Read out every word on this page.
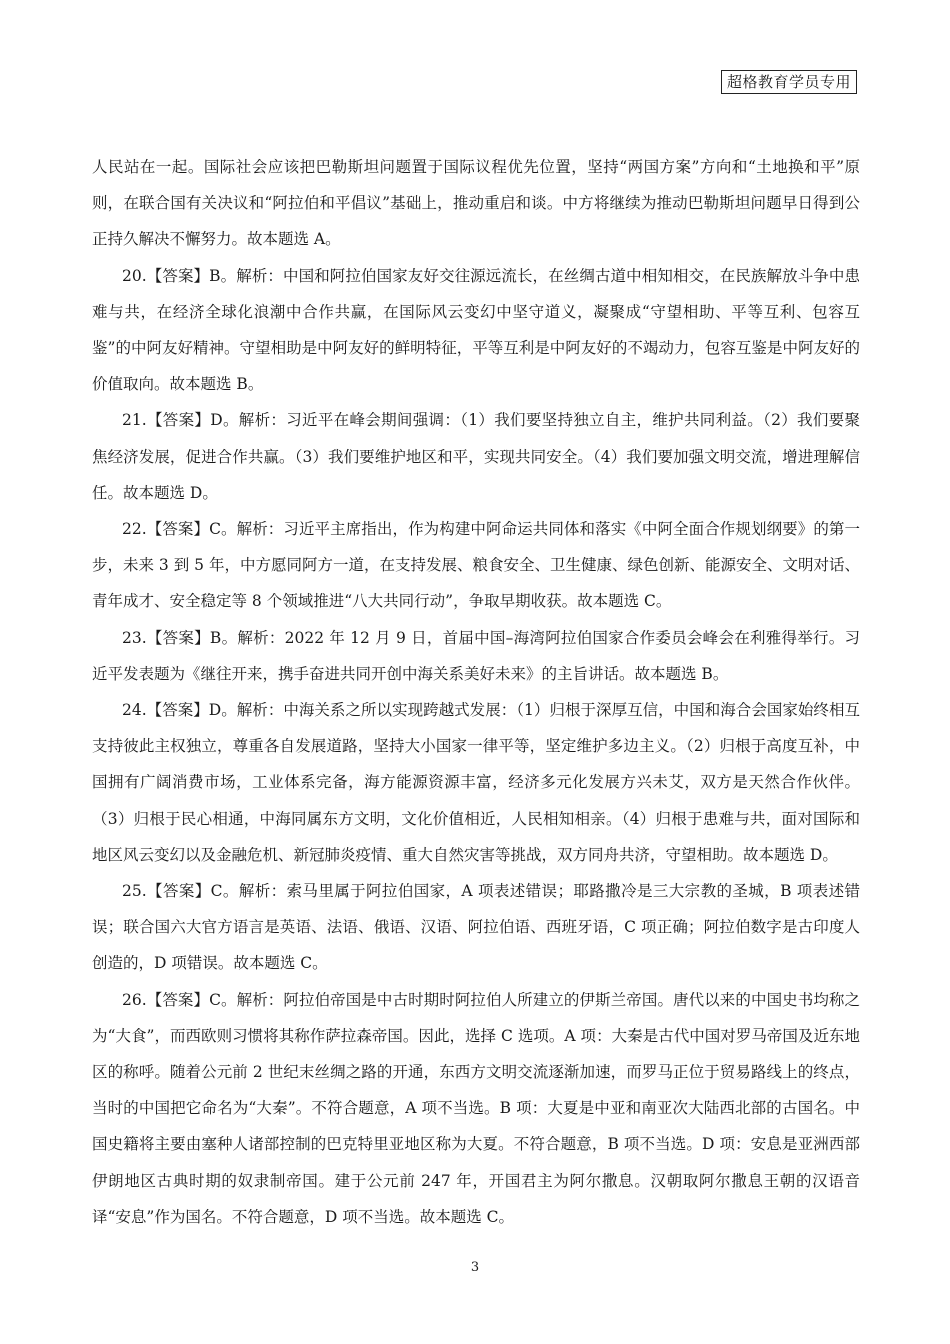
超格教育学员专用

人民站在一起。国际社会应该把巴勒斯坦问题置于国际议程优先位置，坚持“两国方案”方向和“土地换和平”原则，在联合国有关决议和“阿拉伯和平倡议”基础上，推动重启和谈。中方将继续为推动巴勒斯坦问题早日得到公正持久解决不懈努力。故本题选 A。

20.【答案】B。解析：中国和阿拉伯国家友好交往源远流长，在丝绸古道中相知相交，在民族解放斗争中患难与共，在经济全球化浪潮中合作共赢，在国际风云变幻中坚守道义，凝聚成“守望相助、平等互利、包容互鉴”的中阿友好精神。守望相助是中阿友好的鲜明特征，平等互利是中阿友好的不竭动力，包容互鉴是中阿友好的价值取向。故本题选 B。

21.【答案】D。解析：习近平在峰会期间强调：（1）我们要坚持独立自主，维护共同利益。（2）我们要聚焦经济发展，促进合作共赢。（3）我们要维护地区和平，实现共同安全。（4）我们要加强文明交流，增进理解信任。故本题选 D。

22.【答案】C。解析：习近平主席指出，作为构建中阿命运共同体和落实《中阿全面合作规划纲要》的第一步，未来 3 到 5 年，中方愿同阿方一道，在支持发展、粮食安全、卫生健康、绿色创新、能源安全、文明对话、青年成才、安全稳定等 8 个领域推进“八大共同行动”，争取早期收获。故本题选 C。

23.【答案】B。解析：2022 年 12 月 9 日，首届中国–海湾阿拉伯国家合作委员会峰会在利雅得举行。习近平发表题为《继往开来，携手奋进共同开创中海关系美好未来》的主旨讲话。故本题选 B。

24.【答案】D。解析：中海关系之所以实现跨越式发展：（1）归根于深厚互信，中国和海合会国家始终相互支持彼此主权独立，尊重各自发展道路，坚持大小国家一律平等，坚定维护多边主义。（2）归根于高度互补，中国拥有广阔消费市场，工业体系完备，海方能源资源丰富，经济多元化发展方兴未艾，双方是天然合作伙伴。（3）归根于民心相通，中海同属东方文明，文化价值相近，人民相知相亲。（4）归根于患难与共，面对国际和地区风云变幻以及金融危机、新冠肺炎疫情、重大自然灾害等挑战，双方同舟共济，守望相助。故本题选 D。

25.【答案】C。解析：索马里属于阿拉伯国家，A 项表述错误；耶路撒冷是三大宗教的圣城，B 项表述错误；联合国六大官方语言是英语、法语、俄语、汉语、阿拉伯语、西班牙语，C 项正确；阿拉伯数字是古印度人创造的，D 项错误。故本题选 C。

26.【答案】C。解析：阿拉伯帝国是中古时期时阿拉伯人所建立的伊斯兰帝国。唐代以来的中国史书均称之为“大食”，而西欧则习惯将其称作萨拉森帝国。因此，选择 C 选项。A 项：大秦是古代中国对罗马帝国及近东地区的称呼。随着公元前 2 世纪末丝绸之路的开通，东西方文明交流逐渐加速，而罗马正位于贸易路线上的终点，当时的中国把它命名为“大秦”。不符合题意，A 项不当选。B 项：大夏是中亚和南亚次大陆西北部的古国名。中国史籍将主要由塞种人诸部控制的巴克特里亚地区称为大夏。不符合题意，B 项不当选。D 项：安息是亚洲西部伊朗地区古典时期的奴隶制帝国。建于公元前 247 年，开国君主为阿尔撒息。汉朝取阿尔撒息王朝的汉语音译“安息”作为国名。不符合题意，D 项不当选。故本题选 C。

3
